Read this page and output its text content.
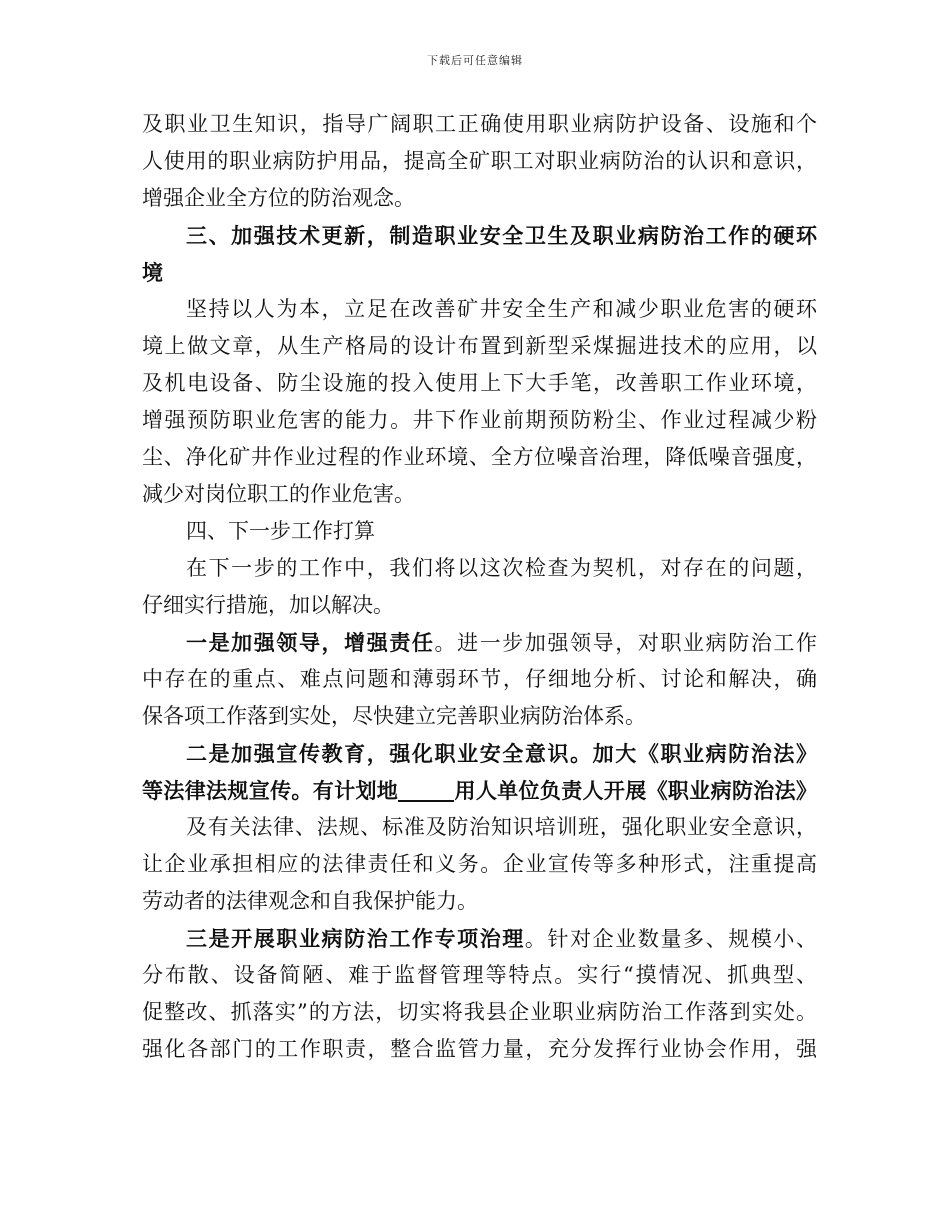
下载后可任意编辑
及职业卫生知识，指导广阔职工正确使用职业病防护设备、设施和个
人使用的职业病防护用品，提高全矿职工对职业病防治的认识和意识，
增强企业全方位的防治观念。
三、加强技术更新，制造职业安全卫生及职业病防治工作的硬环
境
坚持以人为本，立足在改善矿井安全生产和减少职业危害的硬环
境上做文章，从生产格局的设计布置到新型采煤掘进技术的应用，以
及机电设备、防尘设施的投入使用上下大手笔，改善职工作业环境，
增强预防职业危害的能力。井下作业前期预防粉尘、作业过程减少粉
尘、净化矿井作业过程的作业环境、全方位噪音治理，降低噪音强度，
减少对岗位职工的作业危害。
四、下一步工作打算
在下一步的工作中，我们将以这次检查为契机，对存在的问题，
仔细实行措施，加以解决。
一是加强领导，增强责任。进一步加强领导，对职业病防治工作
中存在的重点、难点问题和薄弱环节，仔细地分析、讨论和解决，确
保各项工作落到实处，尽快建立完善职业病防治体系。
二是加强宣传教育，强化职业安全意识。加大《职业病防治法》
等法律法规宣传。有计划地	用人单位负责人开展《职业病防治法》
及有关法律、法规、标准及防治知识培训班，强化职业安全意识，
让企业承担相应的法律责任和义务。企业宣传等多种形式，注重提高
劳动者的法律观念和自我保护能力。
三是开展职业病防治工作专项治理。针对企业数量多、规模小、
分布散、设备简陋、难于监督管理等特点。实行“摸情况、抓典型、
促整改、抓落实”的方法，切实将我县企业职业病防治工作落到实处。
强化各部门的工作职责，整合监管力量，充分发挥行业协会作用，强
